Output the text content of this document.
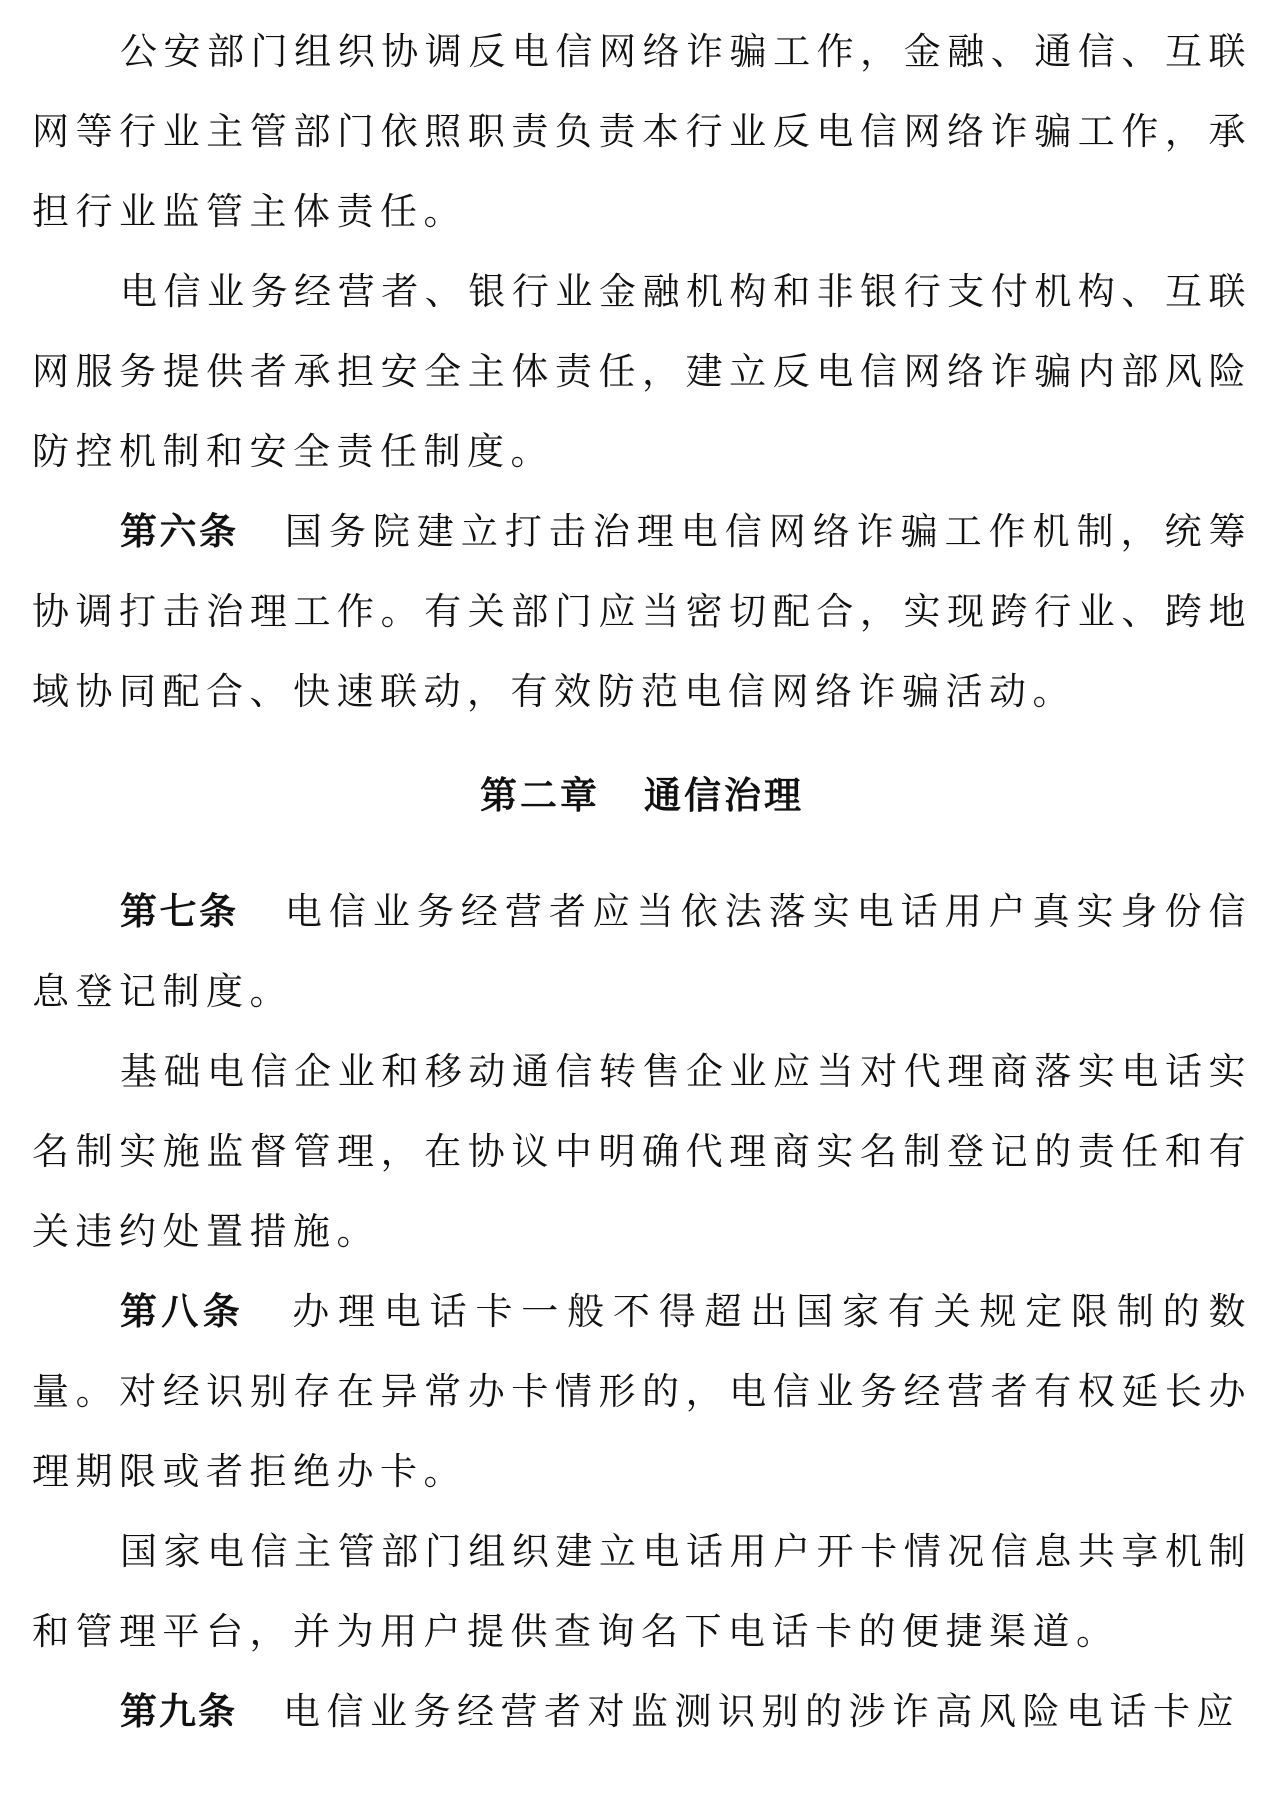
公安部门组织协调反电信网络诈骗工作，金融、通信、互联网等行业主管部门依照职责负责本行业反电信网络诈骗工作，承担行业监管主体责任。

电信业务经营者、银行业金融机构和非银行支付机构、互联网服务提供者承担安全主体责任，建立反电信网络诈骗内部风险防控机制和安全责任制度。

第六条 国务院建立打击治理电信网络诈骗工作机制，统筹协调打击治理工作。有关部门应当密切配合，实现跨行业、跨地域协同配合、快速联动，有效防范电信网络诈骗活动。

第二章 通信治理

第七条 电信业务经营者应当依法落实电话用户真实身份信息登记制度。

基础电信企业和移动通信转售企业应当对代理商落实电话实名制实施监督管理，在协议中明确代理商实名制登记的责任和有关违约处置措施。

第八条 办理电话卡一般不得超出国家有关规定限制的数量。对经识别存在异常办卡情形的，电信业务经营者有权延长办理期限或者拒绝办卡。

国家电信主管部门组织建立电话用户开卡情况信息共享机制和管理平台，并为用户提供查询名下电话卡的便捷渠道。

第九条 电信业务经营者对监测识别的涉诈高风险电话卡应
